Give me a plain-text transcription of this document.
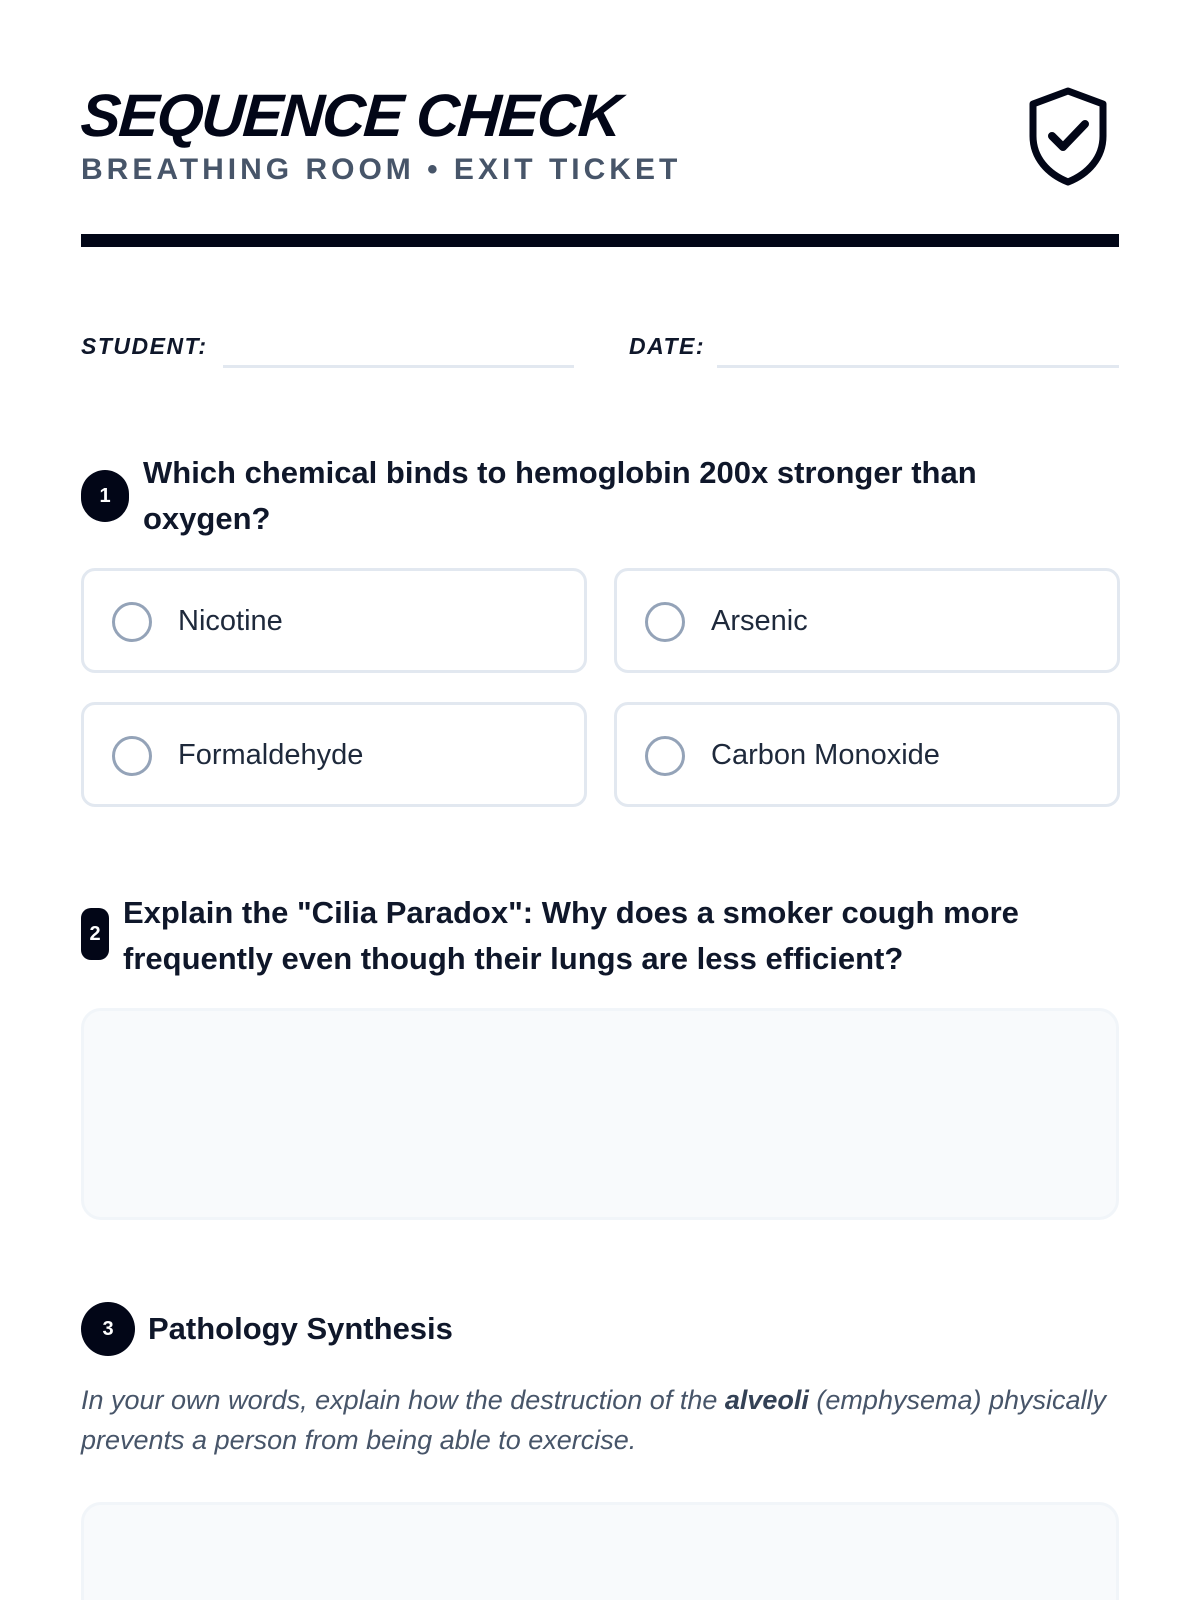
SEQUENCE CHECK
BREATHING ROOM • EXIT TICKET
STUDENT:	DATE:
1
Which chemical binds to hemoglobin 200x stronger than oxygen?
Nicotine	Arsenic
Formaldehyde	Carbon Monoxide
2
Explain the "Cilia Paradox": Why does a smoker cough more frequently even though their lungs are less efficient?
3	Pathology Synthesis
In your own words, explain how the destruction of the alveoli (emphysema) physically prevents a person from being able to exercise.
